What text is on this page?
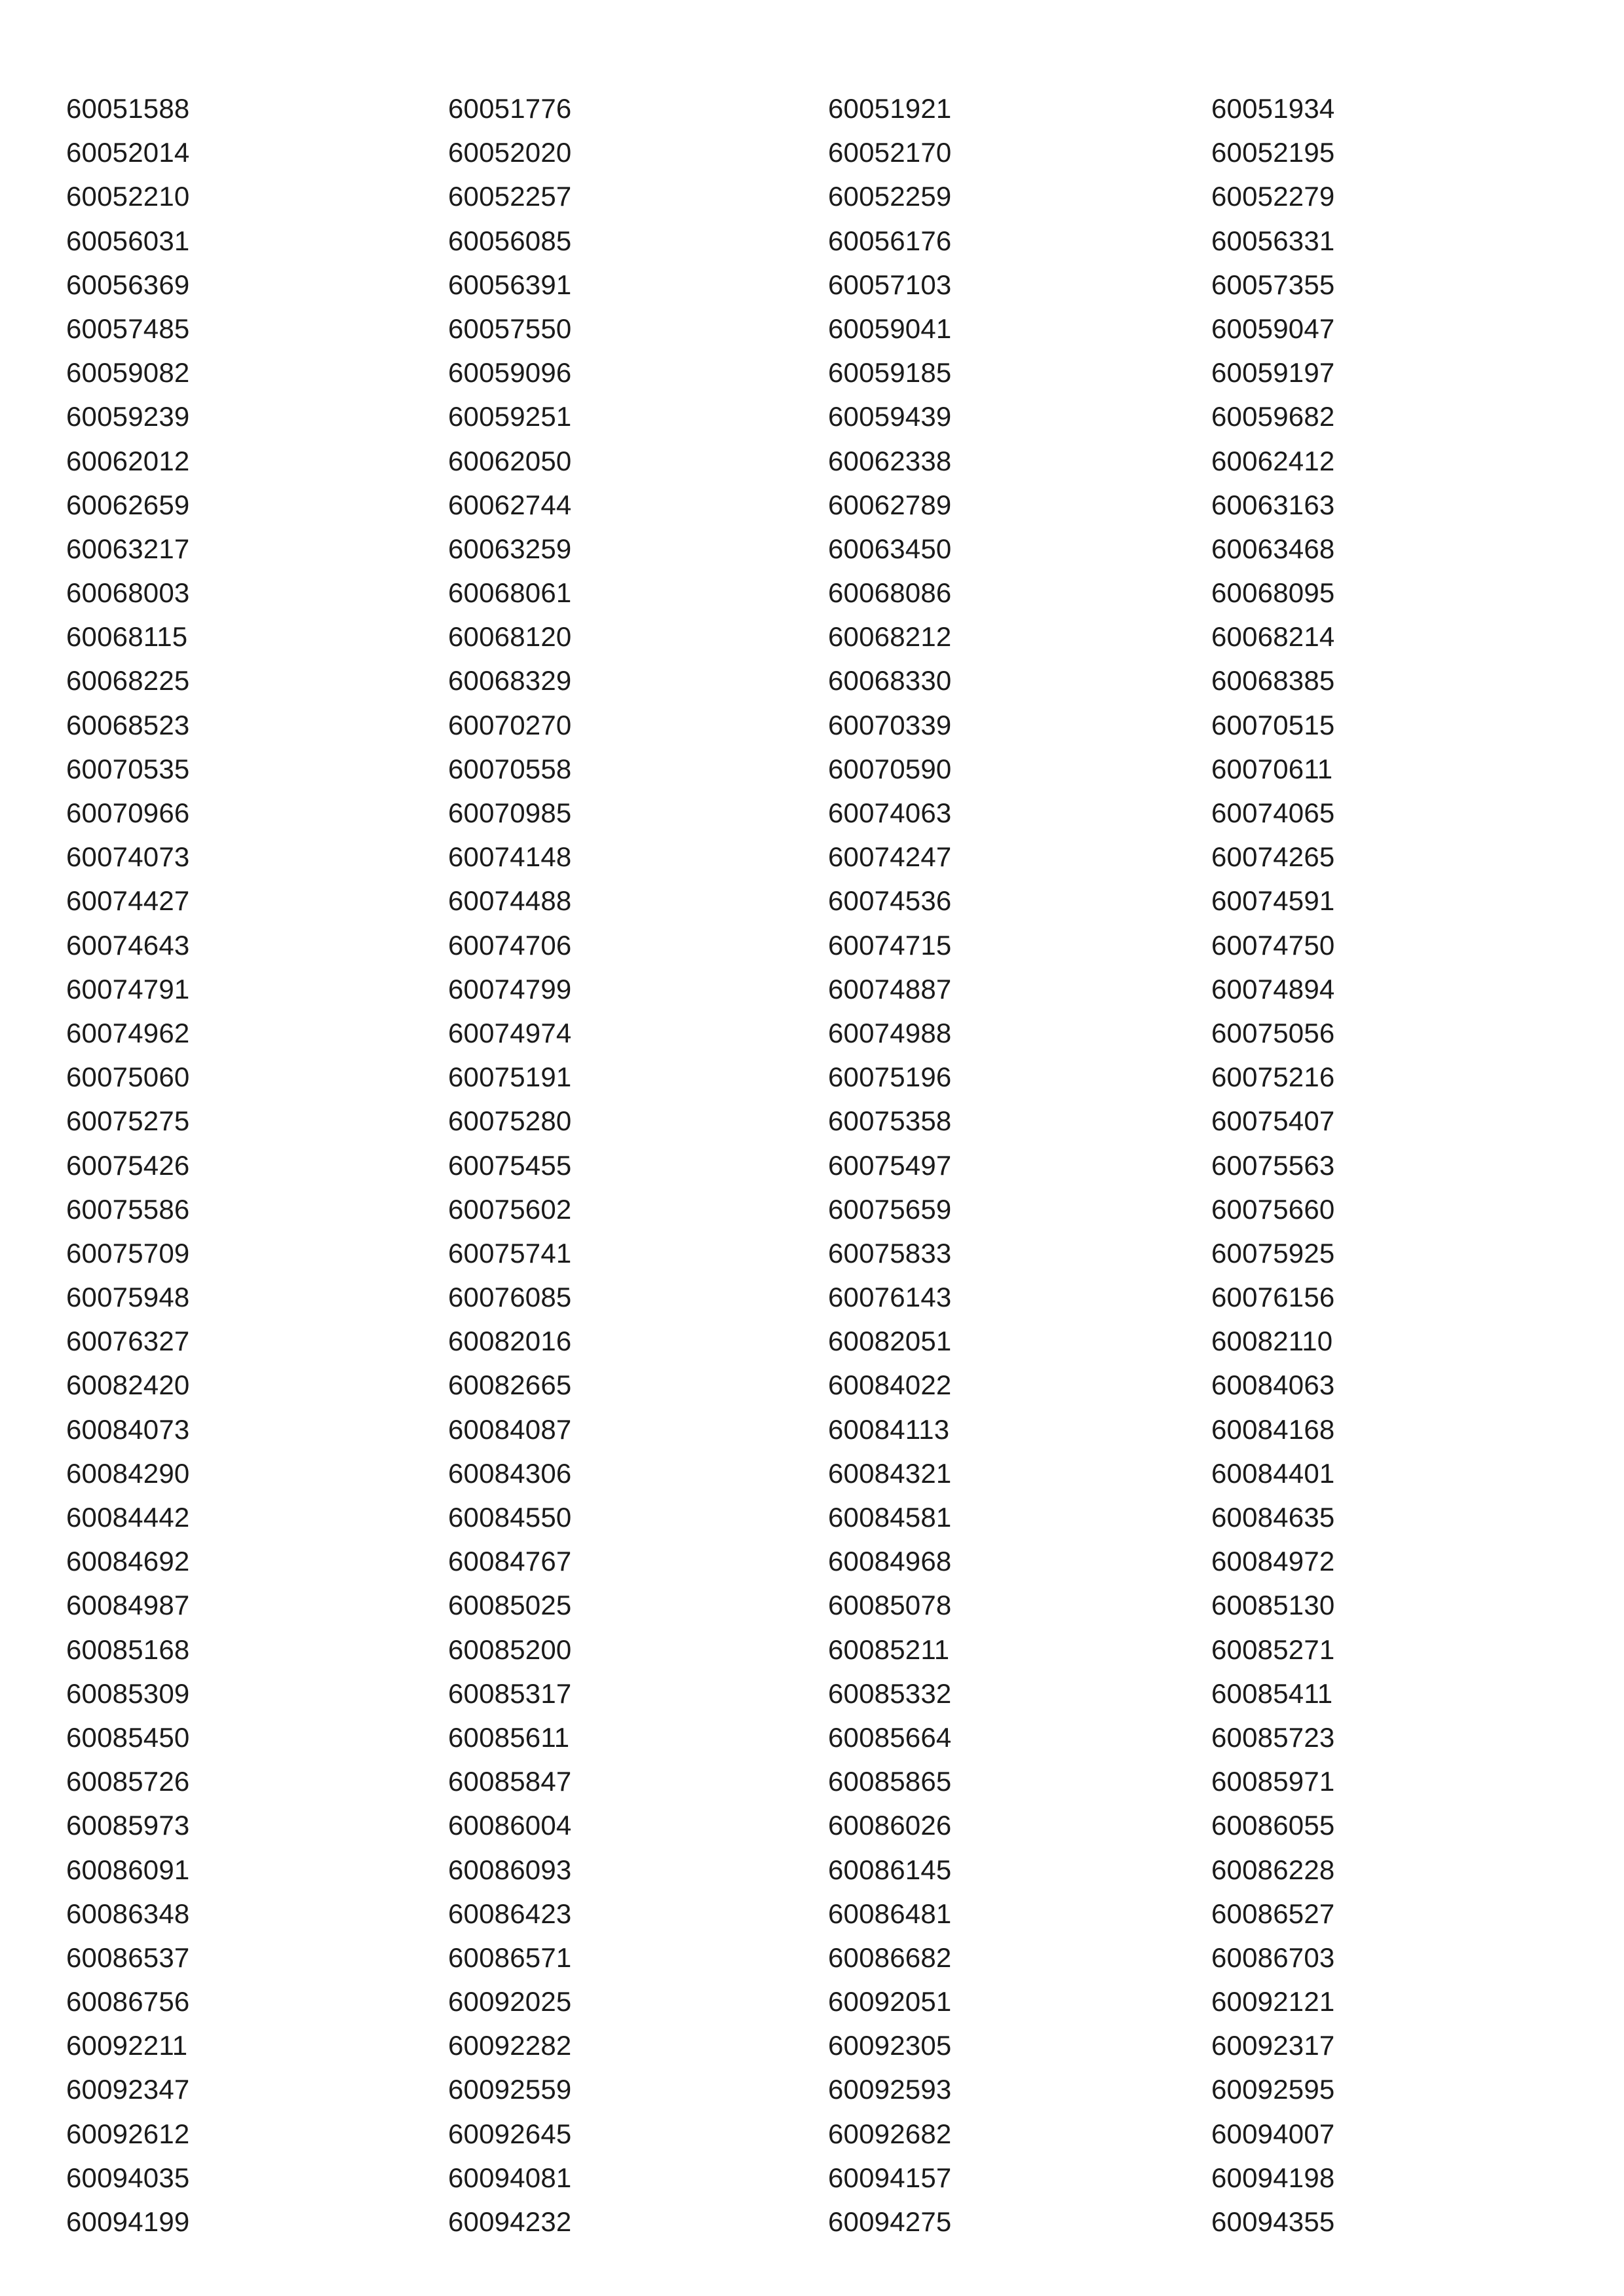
60051588	60051776	60051921	60051934
60052014	60052020	60052170	60052195
60052210	60052257	60052259	60052279
60056031	60056085	60056176	60056331
60056369	60056391	60057103	60057355
60057485	60057550	60059041	60059047
60059082	60059096	60059185	60059197
60059239	60059251	60059439	60059682
60062012	60062050	60062338	60062412
60062659	60062744	60062789	60063163
60063217	60063259	60063450	60063468
60068003	60068061	60068086	60068095
60068115	60068120	60068212	60068214
60068225	60068329	60068330	60068385
60068523	60070270	60070339	60070515
60070535	60070558	60070590	60070611
60070966	60070985	60074063	60074065
60074073	60074148	60074247	60074265
60074427	60074488	60074536	60074591
60074643	60074706	60074715	60074750
60074791	60074799	60074887	60074894
60074962	60074974	60074988	60075056
60075060	60075191	60075196	60075216
60075275	60075280	60075358	60075407
60075426	60075455	60075497	60075563
60075586	60075602	60075659	60075660
60075709	60075741	60075833	60075925
60075948	60076085	60076143	60076156
60076327	60082016	60082051	60082110
60082420	60082665	60084022	60084063
60084073	60084087	60084113	60084168
60084290	60084306	60084321	60084401
60084442	60084550	60084581	60084635
60084692	60084767	60084968	60084972
60084987	60085025	60085078	60085130
60085168	60085200	60085211	60085271
60085309	60085317	60085332	60085411
60085450	60085611	60085664	60085723
60085726	60085847	60085865	60085971
60085973	60086004	60086026	60086055
60086091	60086093	60086145	60086228
60086348	60086423	60086481	60086527
60086537	60086571	60086682	60086703
60086756	60092025	60092051	60092121
60092211	60092282	60092305	60092317
60092347	60092559	60092593	60092595
60092612	60092645	60092682	60094007
60094035	60094081	60094157	60094198
60094199	60094232	60094275	60094355
